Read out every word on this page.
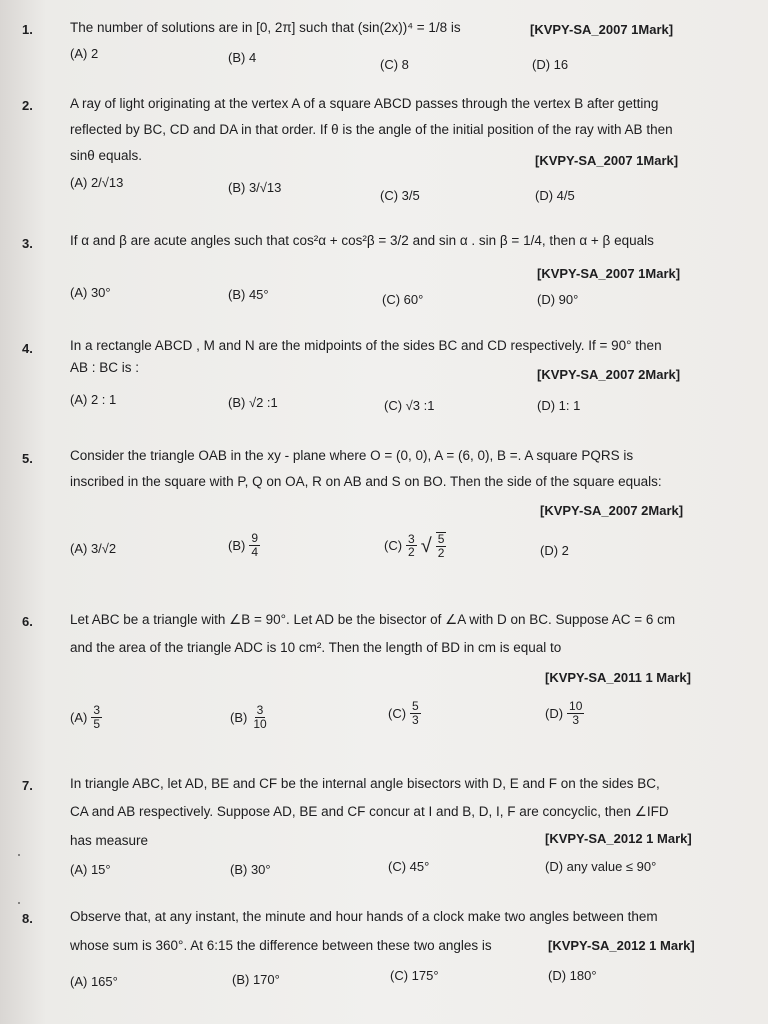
1.	The number of solutions are in [0, 2π] such that (sin(2x))⁴ = 1/8 is	[KVPY-SA_2007 1Mark]
(A) 2	(B) 4	(C) 8	(D) 16
2.	A ray of light originating at the vertex A of a square ABCD passes through the vertex B after getting
reflected by BC, CD and DA in that order. If θ is the angle of the initial position of the ray with AB then
sinθ equals.	[KVPY-SA_2007 1Mark]
(A) 2/√13	(B) 3/√13
(C) 3/5	(D) 4/5
3.	If α and β are acute angles such that cos²α + cos²β = 3/2 and sin α . sin β = 1/4, then α + β equals
[KVPY-SA_2007 1Mark]
(A) 30°	(B) 45°	(C) 60°	(D) 90°
4.	In a rectangle ABCD , M and N are the midpoints of the sides BC and CD respectively. If = 90° then
AB : BC is :	[KVPY-SA_2007 2Mark]
(A) 2 : 1	(B) √2 :1	(C) √3 :1	(D) 1: 1
5.	Consider the triangle OAB in the xy - plane where O = (0, 0), A = (6, 0), B =. A square PQRS is
inscribed in the square with P, Q on OA, R on AB and S on BO. Then the side of the square equals:
[KVPY-SA_2007 2Mark]
(A) 3/√2	$(B) \frac{9}{4}$	$(C) \frac{3}{2}$ √ $\frac{5}{2}$	(D) 2
6.	Let ABC be a triangle with ∠B = 90°. Let AD be the bisector of ∠A with D on BC. Suppose AC = 6 cm
and the area of the triangle ADC is 10 cm². Then the length of BD in cm is equal to
[KVPY-SA_2011 1 Mark]
$(A) \frac{3}{5}$	$(B) \frac{3}{10}$	$(C) \frac{5}{3}$	$(D) \frac{10}{3}$
7.	In triangle ABC, let AD, BE and CF be the internal angle bisectors with D, E and F on the sides BC,
CA and AB respectively. Suppose AD, BE and CF concur at I and B, D, I, F are concyclic, then ∠IFD
has measure	[KVPY-SA_2012 1 Mark]
(A) 15°	(B) 30°	(C) 45°	(D) any value ≤ 90°
8.	Observe that, at any instant, the minute and hour hands of a clock make two angles between them
whose sum is 360°. At 6:15 the difference between these two angles is	[KVPY-SA_2012 1 Mark]
(A) 165°	(B) 170°	(C) 175°	(D) 180°
